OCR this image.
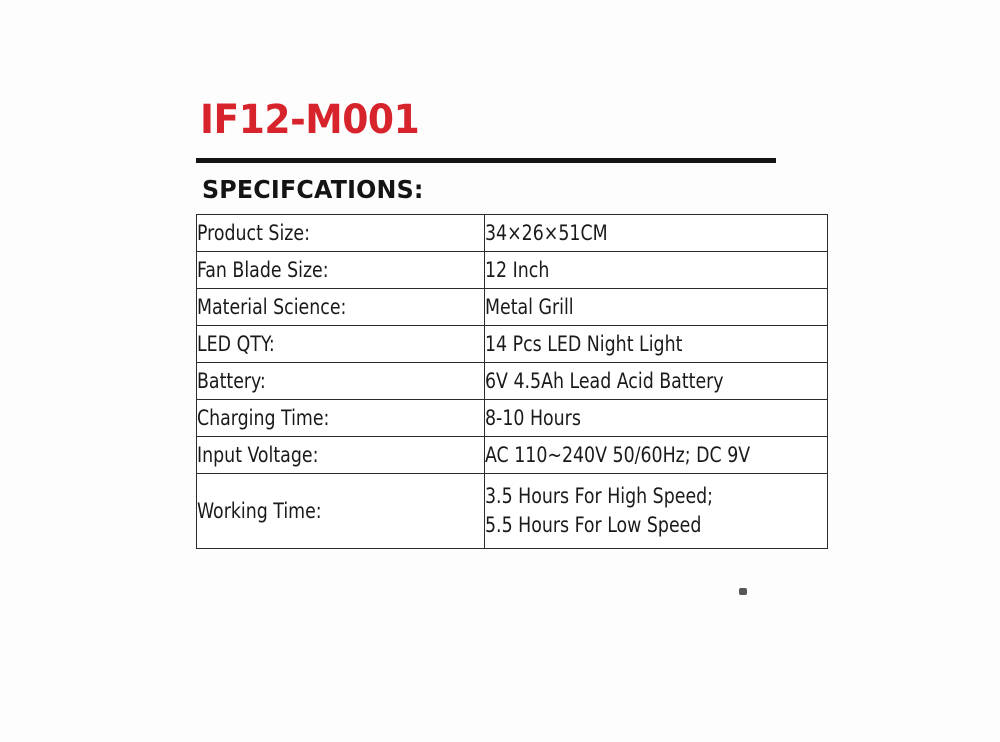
IF12-M001
SPECIFCATIONS:
Product Size:	34×26×51CM

Fan Blade Size:	12 Inch

Material Science:	Metal Grill

LED QTY:	14 Pcs LED Night Light

Battery:	6V 4.5Ah Lead Acid Battery

Charging Time:	8-10 Hours

Input Voltage:	AC 110~240V 50/60Hz; DC 9V

Working Time:	3.5 Hours For High Speed;
5.5 Hours For Low Speed
